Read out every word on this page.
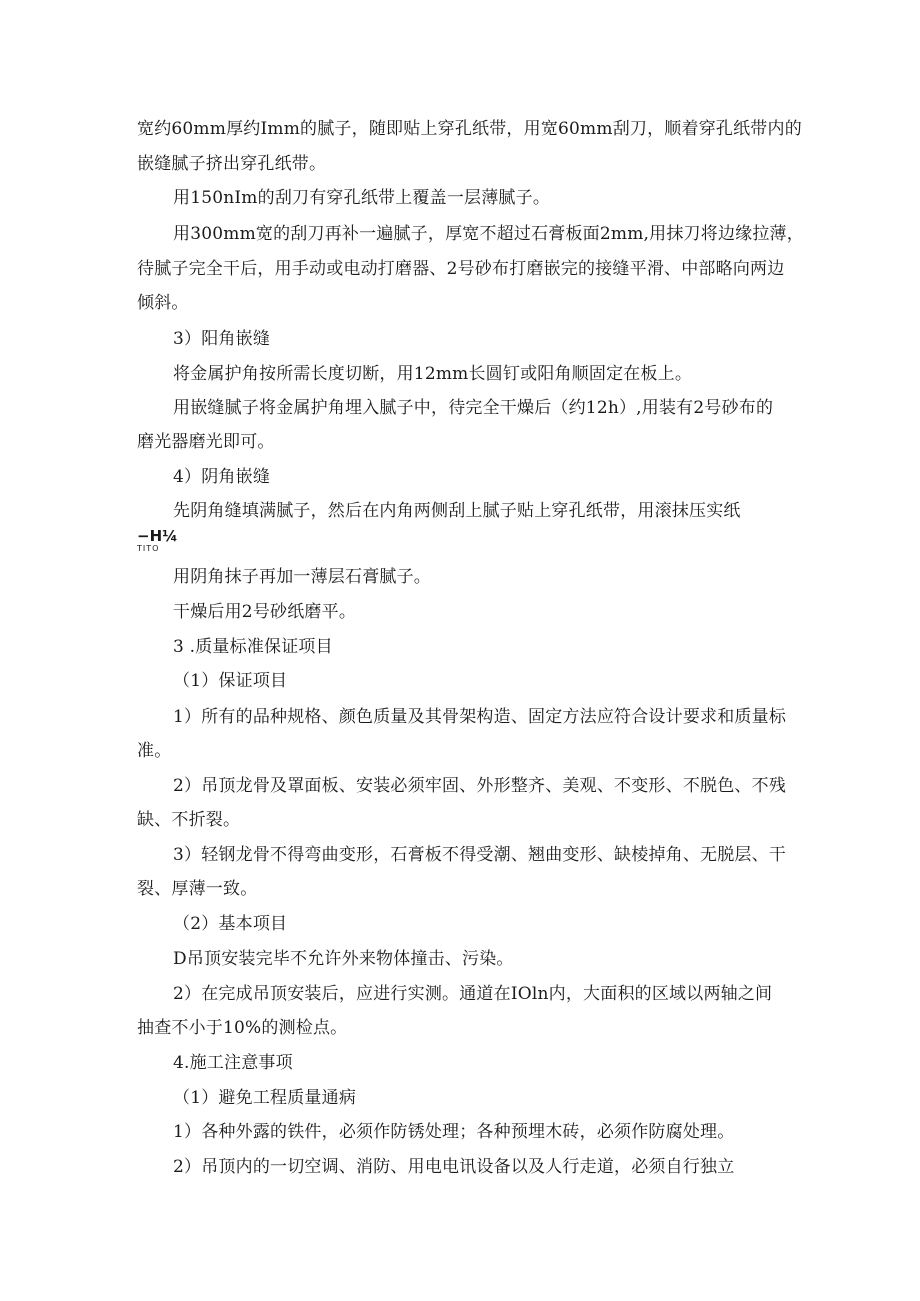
宽约60mm厚约Imm的腻子，随即贴上穿孔纸带，用宽60mm刮刀，顺着穿孔纸带内的
嵌缝腻子挤出穿孔纸带。
用150nIm的刮刀有穿孔纸带上覆盖一层薄腻子。
用300mm宽的刮刀再补一遍腻子，厚宽不超过石膏板面2mm,用抹刀将边缘拉薄，
待腻子完全干后，用手动或电动打磨器、2号砂布打磨嵌完的接缝平滑、中部略向两边
倾斜。
3）阳角嵌缝
将金属护角按所需长度切断，用12mm长圆钉或阳角顺固定在板上。
用嵌缝腻子将金属护角埋入腻子中，待完全干燥后（约12h）,用装有2号砂布的
磨光器磨光即可。
4）阴角嵌缝
先阴角缝填满腻子，然后在内角两侧刮上腻子贴上穿孔纸带，用滚抹压实纸
−H¼
TITO
用阴角抹子再加一薄层石膏腻子。
干燥后用2号砂纸磨平。
3 .质量标准保证项目
（1）保证项目
1）所有的品种规格、颜色质量及其骨架构造、固定方法应符合设计要求和质量标
准。
2）吊顶龙骨及罩面板、安装必须牢固、外形整齐、美观、不变形、不脱色、不残
缺、不折裂。
3）轻钢龙骨不得弯曲变形，石膏板不得受潮、翘曲变形、缺棱掉角、无脱层、干
裂、厚薄一致。
（2）基本项目
D吊顶安装完毕不允许外来物体撞击、污染。
2）在完成吊顶安装后，应进行实测。通道在IOln内，大面积的区域以两轴之间
抽查不小于10%的测检点。
4.施工注意事项
（1）避免工程质量通病
1）各种外露的铁件，必须作防锈处理；各种预埋木砖，必须作防腐处理。
2）吊顶内的一切空调、消防、用电电讯设备以及人行走道，必须自行独立
